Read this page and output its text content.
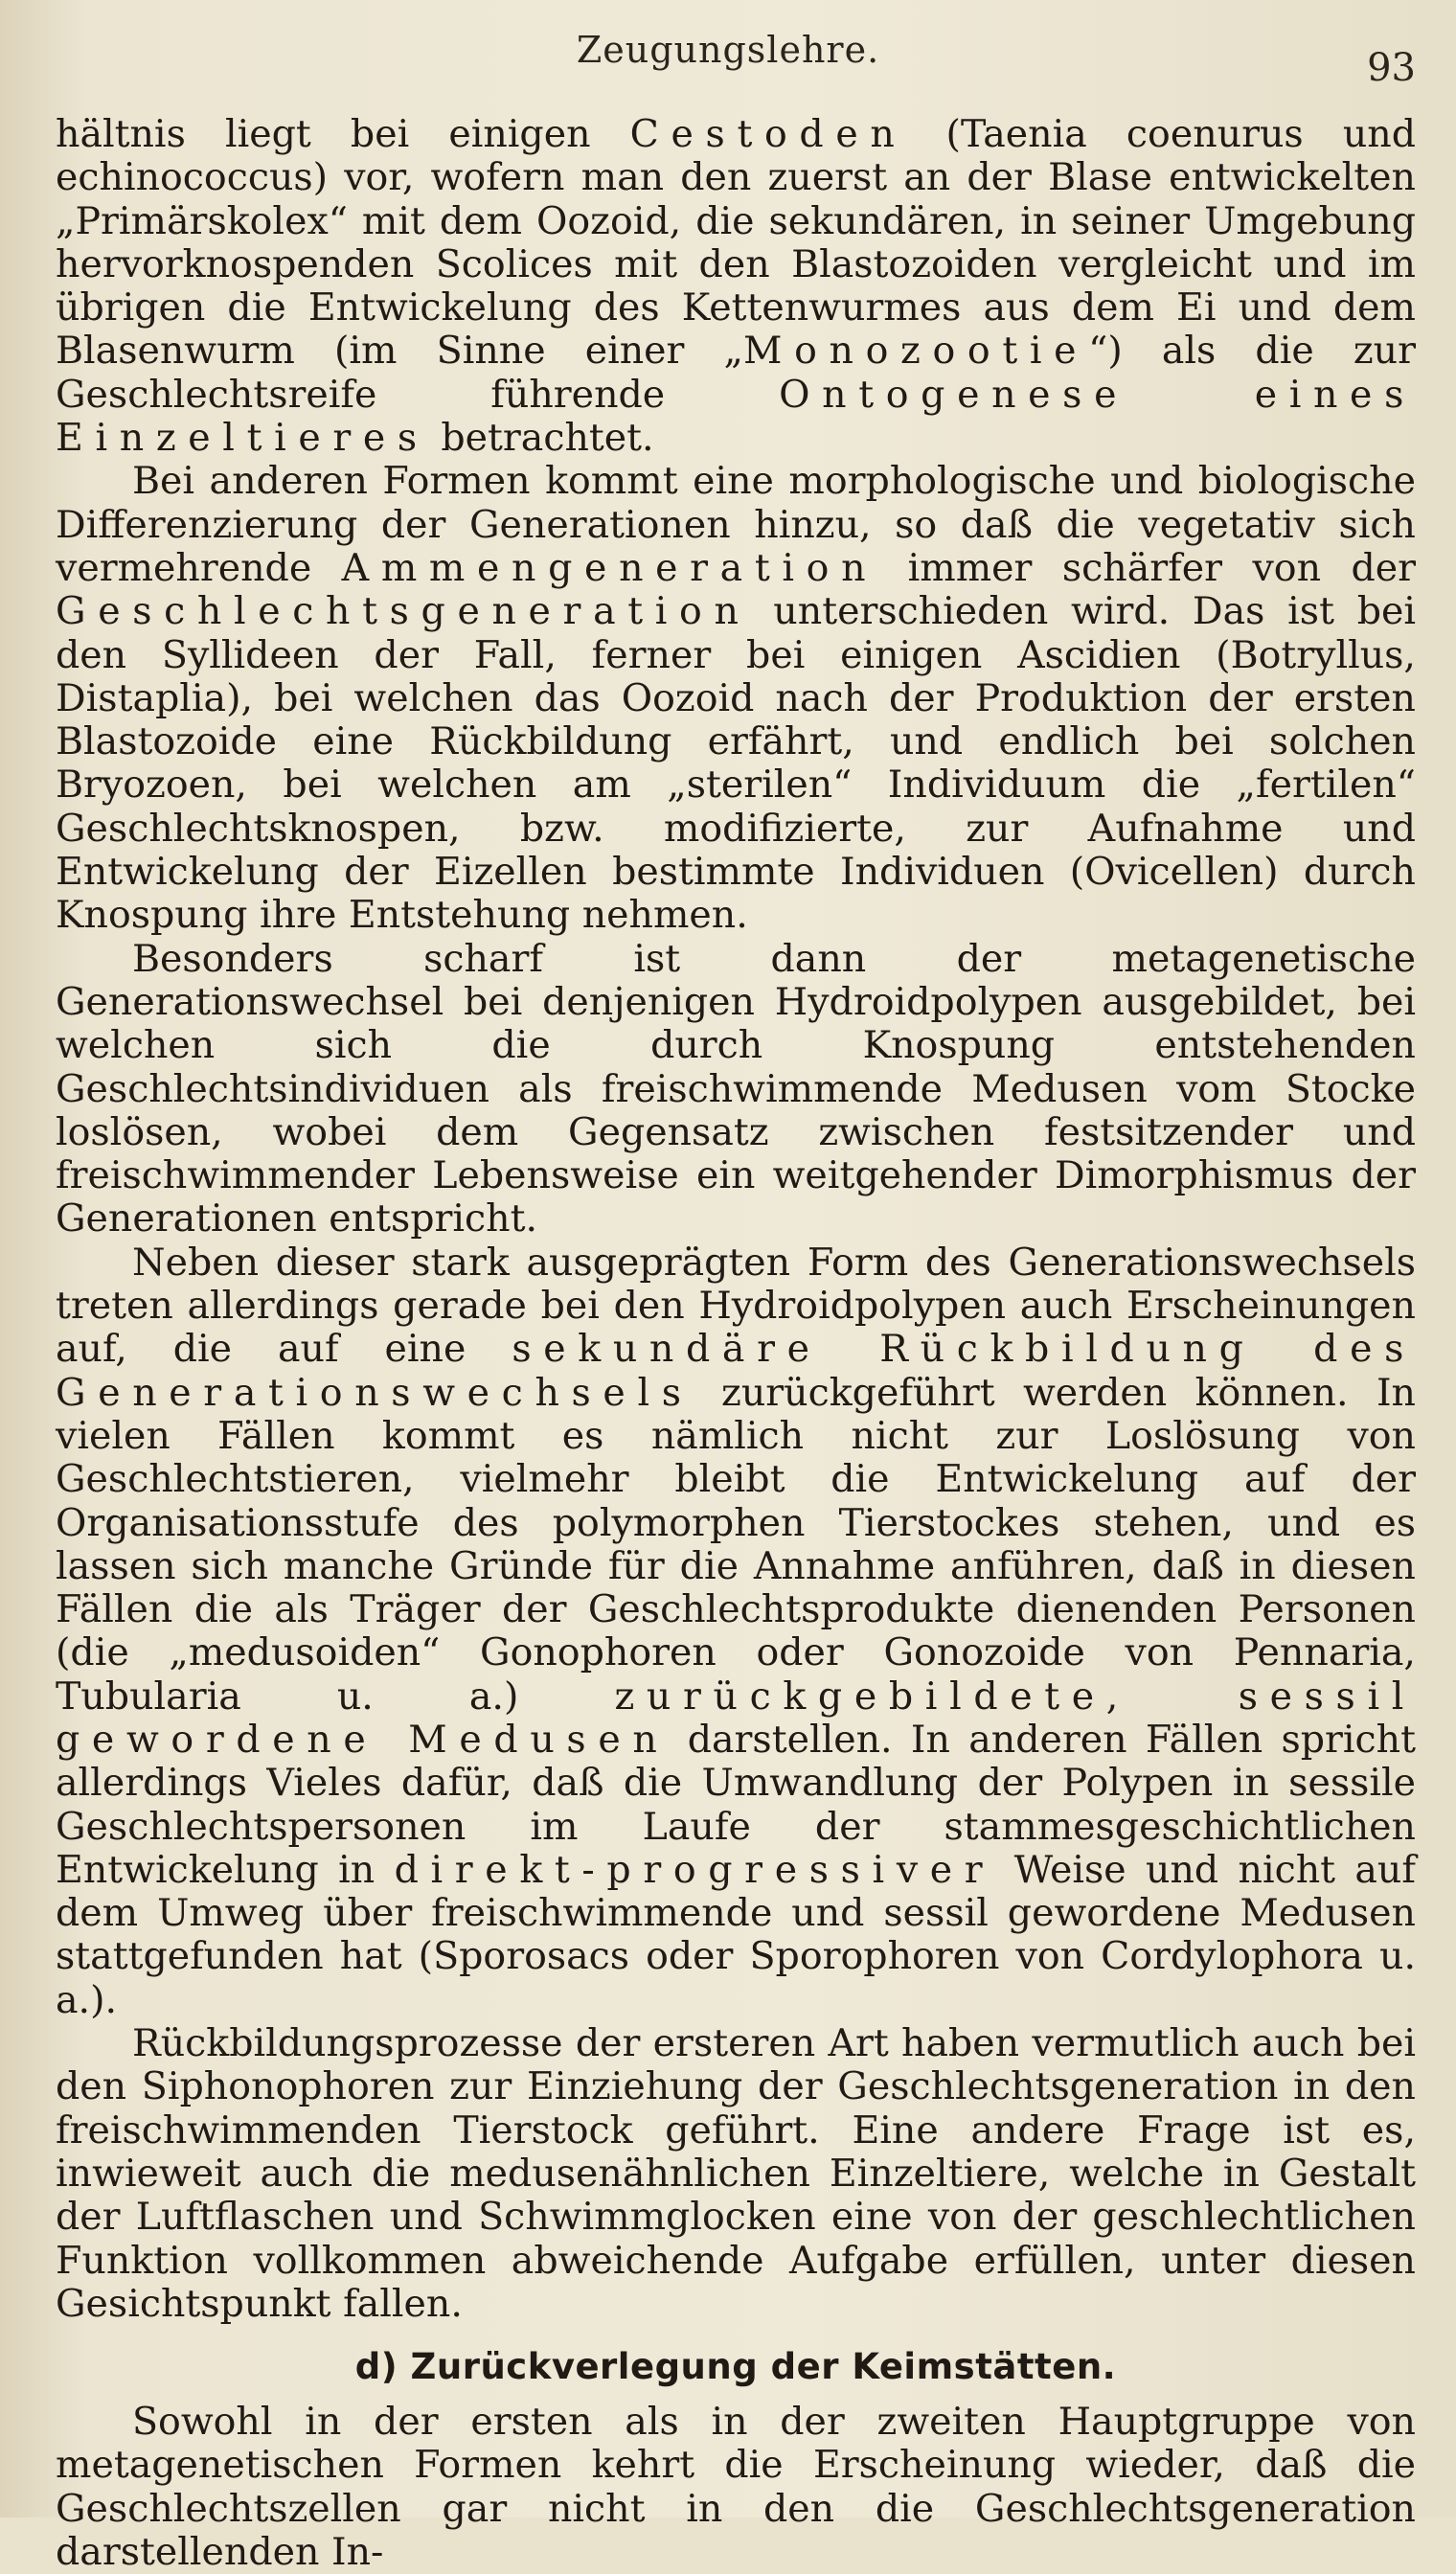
Zeugungslehre.	93

hältnis liegt bei einigen Cestoden (Taenia coenurus und echinococcus) vor, wofern man den zuerst an der Blase entwickelten „Primärskolex“ mit dem Oozoid, die sekundären, in seiner Umgebung hervorknospenden Scolices mit den Blastozoiden vergleicht und im übrigen die Entwickelung des Kettenwurmes aus dem Ei und dem Blasenwurm (im Sinne einer „Monozootie“) als die zur Geschlechtsreife führende Ontogenese eines Einzeltieres betrachtet.

Bei anderen Formen kommt eine morphologische und biologische Differenzierung der Generationen hinzu, so daß die vegetativ sich vermehrende Ammengeneration immer schärfer von der Geschlechtsgeneration unterschieden wird. Das ist bei den Syllideen der Fall, ferner bei einigen Ascidien (Botryllus, Distaplia), bei welchen das Oozoid nach der Produktion der ersten Blastozoide eine Rückbildung erfährt, und endlich bei solchen Bryozoen, bei welchen am „sterilen“ Individuum die „fertilen“ Geschlechtsknospen, bzw. modifizierte, zur Aufnahme und Entwickelung der Eizellen bestimmte Individuen (Ovicellen) durch Knospung ihre Entstehung nehmen.

Besonders scharf ist dann der metagenetische Generationswechsel bei denjenigen Hydroidpolypen ausgebildet, bei welchen sich die durch Knospung entstehenden Geschlechtsindividuen als freischwimmende Medusen vom Stocke loslösen, wobei dem Gegensatz zwischen festsitzender und freischwimmender Lebensweise ein weitgehender Dimorphismus der Generationen entspricht.

Neben dieser stark ausgeprägten Form des Generationswechsels treten allerdings gerade bei den Hydroidpolypen auch Erscheinungen auf, die auf eine sekundäre Rückbildung des Generationswechsels zurückgeführt werden können. In vielen Fällen kommt es nämlich nicht zur Loslösung von Geschlechtstieren, vielmehr bleibt die Entwickelung auf der Organisationsstufe des polymorphen Tierstockes stehen, und es lassen sich manche Gründe für die Annahme anführen, daß in diesen Fällen die als Träger der Geschlechtsprodukte dienenden Personen (die „medusoiden“ Gonophoren oder Gonozoide von Pennaria, Tubularia u. a.) zurückgebildete, sessil gewordene Medusen darstellen. In anderen Fällen spricht allerdings Vieles dafür, daß die Umwandlung der Polypen in sessile Geschlechtspersonen im Laufe der stammesgeschichtlichen Entwickelung in direkt-progressiver Weise und nicht auf dem Umweg über freischwimmende und sessil gewordene Medusen stattgefunden hat (Sporosacs oder Sporophoren von Cordylophora u. a.).

Rückbildungsprozesse der ersteren Art haben vermutlich auch bei den Siphonophoren zur Einziehung der Geschlechtsgeneration in den freischwimmenden Tierstock geführt. Eine andere Frage ist es, inwieweit auch die medusenähnlichen Einzeltiere, welche in Gestalt der Luftflaschen und Schwimmglocken eine von der geschlechtlichen Funktion vollkommen abweichende Aufgabe erfüllen, unter diesen Gesichtspunkt fallen.

d) Zurückverlegung der Keimstätten.

Sowohl in der ersten als in der zweiten Hauptgruppe von metagenetischen Formen kehrt die Erscheinung wieder, daß die Geschlechtszellen gar nicht in den die Geschlechtsgeneration darstellenden In-
